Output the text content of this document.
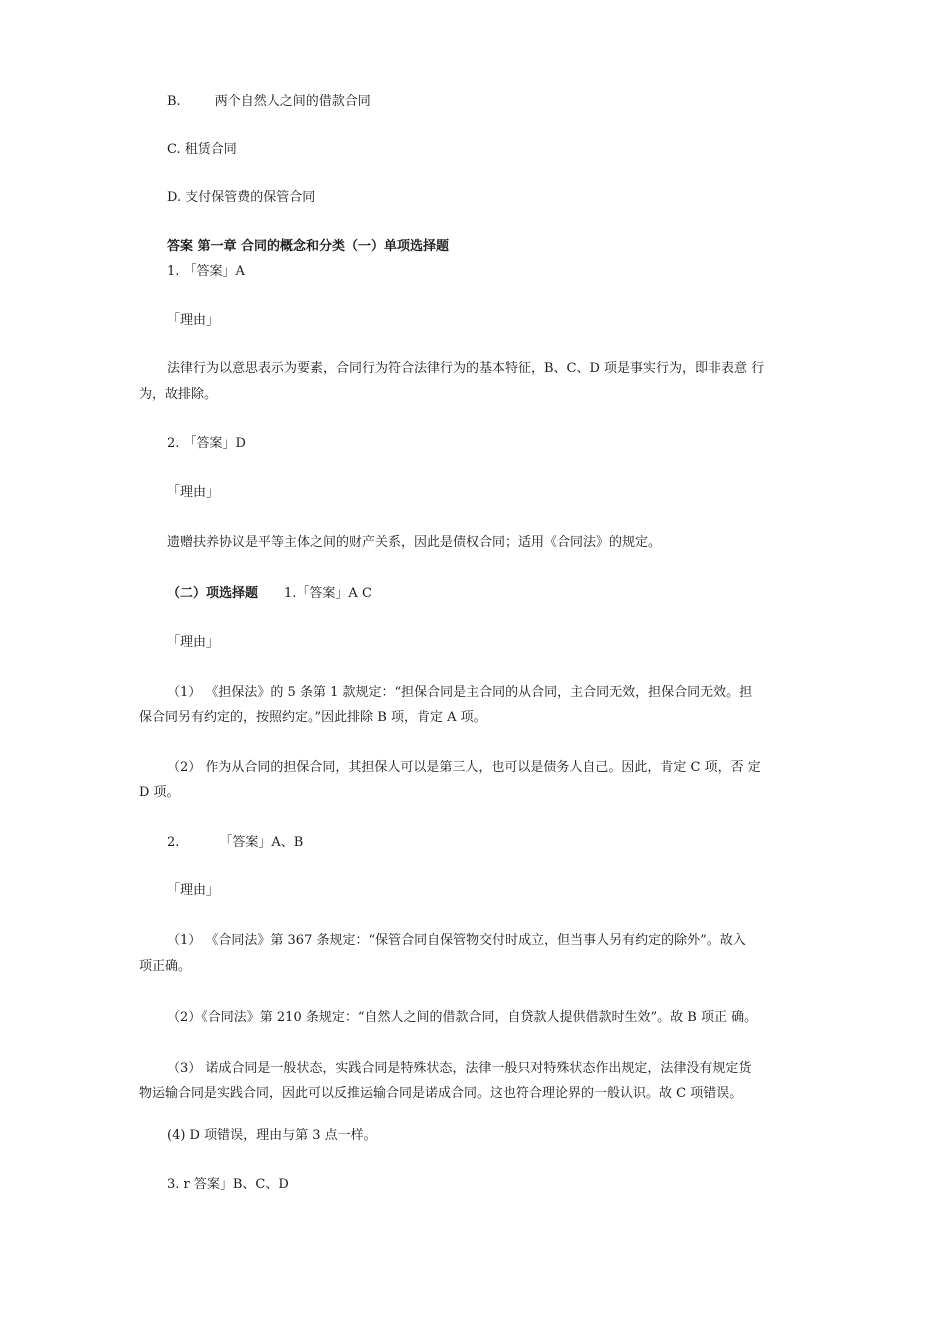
B.	两个自然人之间的借款合同
C. 租赁合同
D. 支付保管费的保管合同
答案 第一章 合同的概念和分类（一）单项选择题
1. 「答案」A
「理由」
法律行为以意思表示为要素，合同行为符合法律行为的基本特征，B、C、D 项是事实行为，即非表意 行
为，故排除。
2. 「答案」D
「理由」
遗赠扶养协议是平等主体之间的财产关系，因此是债权合同；适用《合同法》的规定。
（二）项选择题 1.「答案」A C
「理由」
（1） 《担保法》的 5 条第 1 款规定：“担保合同是主合同的从合同，主合同无效，担保合同无效。担
保合同另有约定的，按照约定。”因此排除 B 项，肯定 A 项。
（2） 作为从合同的担保合同，其担保人可以是第三人，也可以是债务人自己。因此，肯定 C 项，否 定
D 项。
2.	「答案」A、B
「理由」
（1） 《合同法》第 367 条规定：“保管合同自保管物交付时成立，但当事人另有约定的除外”。故入
项正确。
（2）《合同法》第 210 条规定：“自然人之间的借款合同，自贷款人提供借款时生效”。故 B 项正 确。
（3） 诺成合同是一般状态，实践合同是特殊状态，法律一般只对特殊状态作出规定，法律没有规定货
物运输合同是实践合同，因此可以反推运输合同是诺成合同。这也符合理论界的一般认识。故 C 项错误。
(4) D 项错误，理由与第 3 点一样。
3. r 答案」B、C、D
